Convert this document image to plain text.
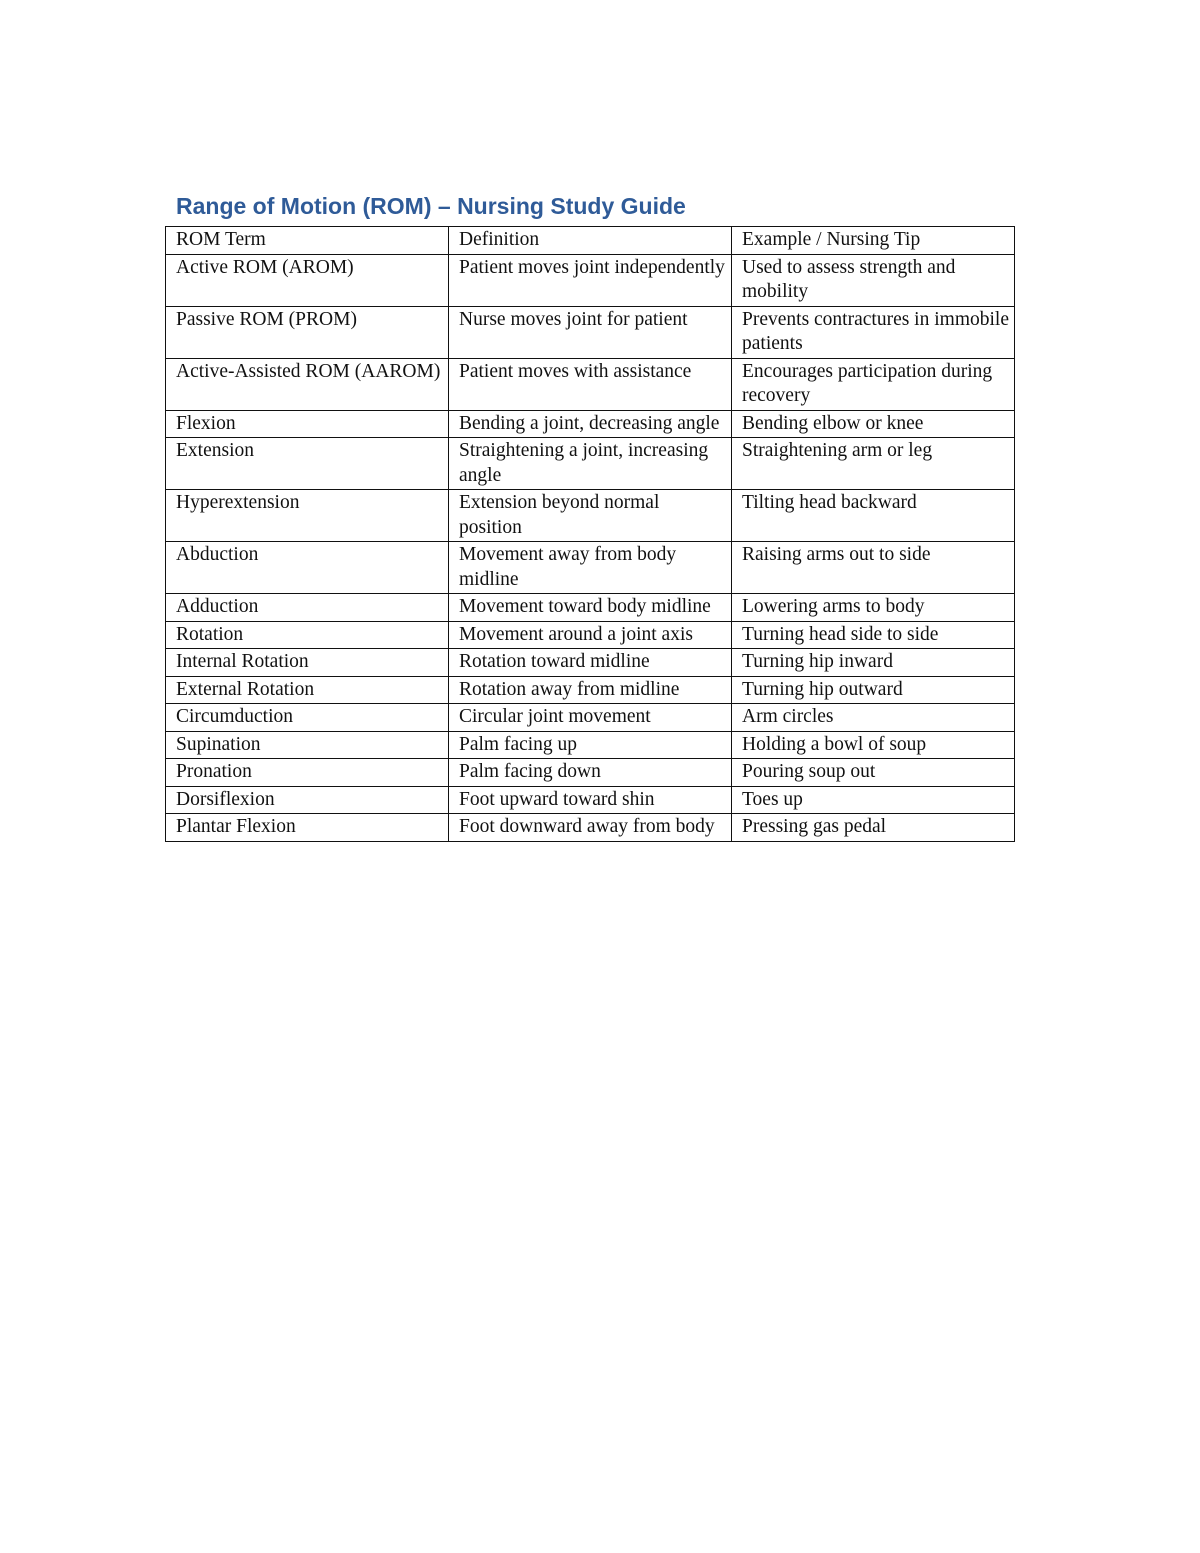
Range of Motion (ROM) – Nursing Study Guide
ROM Term	Definition	Example / Nursing Tip
Active ROM (AROM)	Patient moves joint independently	Used to assess strength and mobility
Passive ROM (PROM)	Nurse moves joint for patient	Prevents contractures in immobile patients
Active-Assisted ROM (AAROM)	Patient moves with assistance	Encourages participation during recovery
Flexion	Bending a joint, decreasing angle	Bending elbow or knee
Extension	Straightening a joint, increasing angle	Straightening arm or leg
Hyperextension	Extension beyond normal position	Tilting head backward
Abduction	Movement away from body midline	Raising arms out to side
Adduction	Movement toward body midline	Lowering arms to body
Rotation	Movement around a joint axis	Turning head side to side
Internal Rotation	Rotation toward midline	Turning hip inward
External Rotation	Rotation away from midline	Turning hip outward
Circumduction	Circular joint movement	Arm circles
Supination	Palm facing up	Holding a bowl of soup
Pronation	Palm facing down	Pouring soup out
Dorsiflexion	Foot upward toward shin	Toes up
Plantar Flexion	Foot downward away from body	Pressing gas pedal
